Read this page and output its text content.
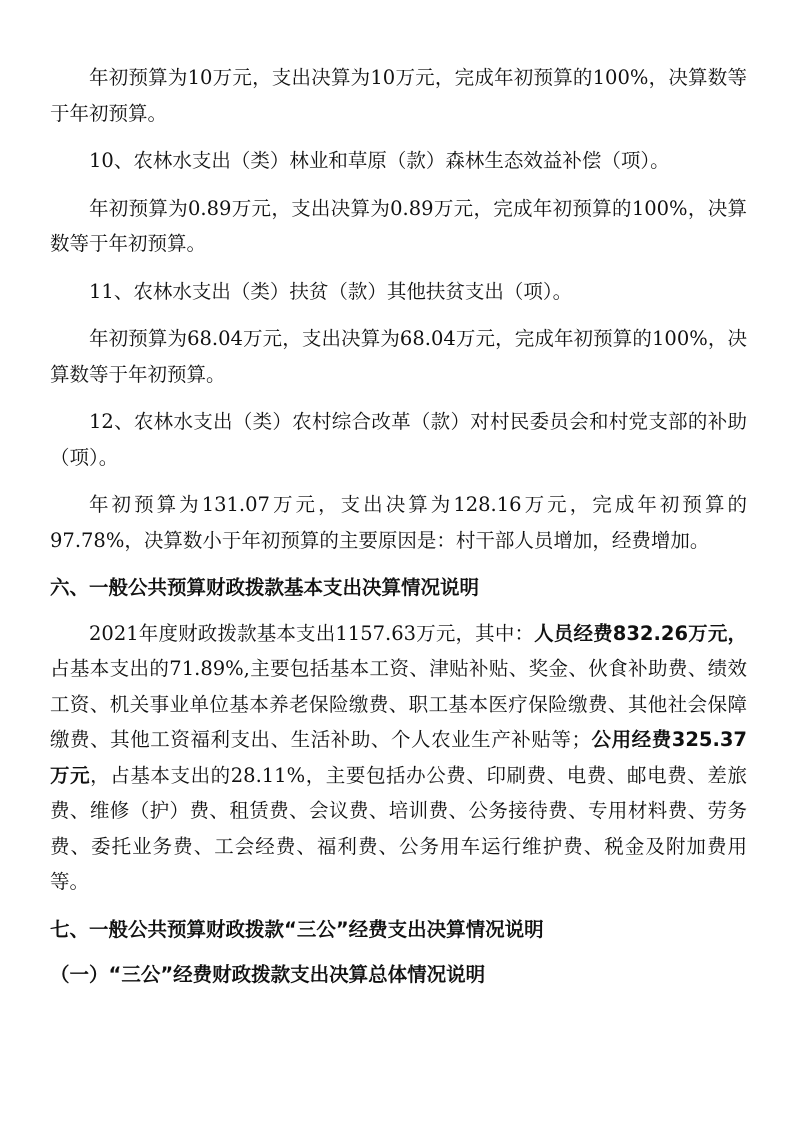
年初预算为10万元，支出决算为10万元，完成年初预算的100%，决算数等于年初预算。

10、农林水支出（类）林业和草原（款）森林生态效益补偿（项）。

年初预算为0.89万元，支出决算为0.89万元，完成年初预算的100%，决算数等于年初预算。

11、农林水支出（类）扶贫（款）其他扶贫支出（项）。

年初预算为68.04万元，支出决算为68.04万元，完成年初预算的100%，决算数等于年初预算。

12、农林水支出（类）农村综合改革（款）对村民委员会和村党支部的补助（项）。

年初预算为131.07万元，支出决算为128.16万元，完成年初预算的97.78%，决算数小于年初预算的主要原因是：村干部人员增加，经费增加。

六、一般公共预算财政拨款基本支出决算情况说明

2021年度财政拨款基本支出1157.63万元，其中：人员经费832.26万元，占基本支出的71.89%,主要包括基本工资、津贴补贴、奖金、伙食补助费、绩效工资、机关事业单位基本养老保险缴费、职工基本医疗保险缴费、其他社会保障缴费、其他工资福利支出、生活补助、个人农业生产补贴等；公用经费325.37万元，占基本支出的28.11%，主要包括办公费、印刷费、电费、邮电费、差旅费、维修（护）费、租赁费、会议费、培训费、公务接待费、专用材料费、劳务费、委托业务费、工会经费、福利费、公务用车运行维护费、税金及附加费用等。

七、一般公共预算财政拨款“三公”经费支出决算情况说明

（一）“三公”经费财政拨款支出决算总体情况说明
